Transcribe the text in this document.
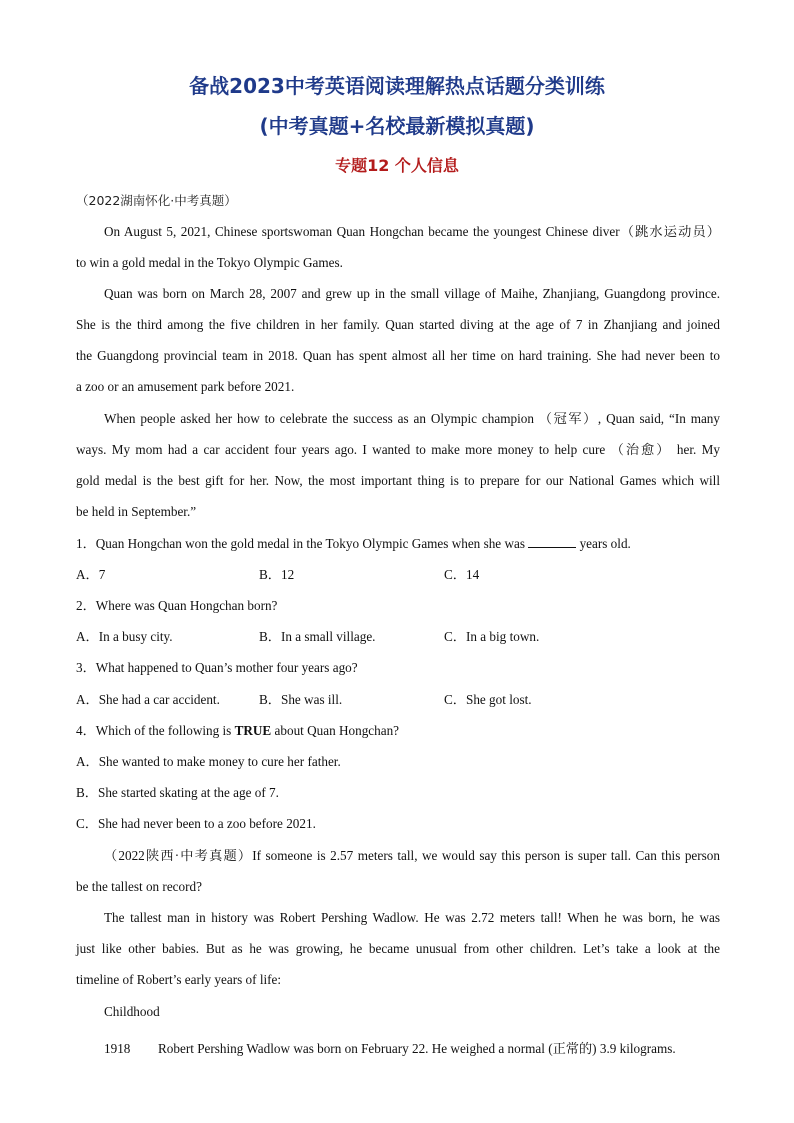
备战2023中考英语阅读理解热点话题分类训练
(中考真题+名校最新模拟真题)
专题12 个人信息
（2022湖南怀化·中考真题）
On August 5, 2021, Chinese sportswoman Quan Hongchan became the youngest Chinese diver（跳水运动员）
to win a gold medal in the Tokyo Olympic Games.
Quan was born on March 28, 2007 and grew up in the small village of Maihe, Zhanjiang, Guangdong province.
She is the third among the five children in her family. Quan started diving at the age of 7 in Zhanjiang and joined
the Guangdong provincial team in 2018. Quan has spent almost all her time on hard training. She had never been to
a zoo or an amusement park before 2021.
When people asked her how to celebrate the success as an Olympic champion （冠军）, Quan said, “In many
ways. My mom had a car accident four years ago. I wanted to make more money to help cure （治愈） her. My
gold medal is the best gift for her. Now, the most important thing is to prepare for our National Games which will
be held in September.”
1．Quan Hongchan won the gold medal in the Tokyo Olympic Games when she was	years old.
A．7	B．12	C．14
2．Where was Quan Hongchan born?
A．In a busy city.	B．In a small village.	C．In a big town.
3．What happened to Quan’s mother four years ago?
A．She had a car accident.	B．She was ill.	C．She got lost.
4．Which of the following is TRUE about Quan Hongchan?
A．She wanted to make money to cure her father.
B．She started skating at the age of 7.
C．She had never been to a zoo before 2021.
（2022陕西·中考真题）If someone is 2.57 meters tall, we would say this person is super tall. Can this person
be the tallest on record?
The tallest man in history was Robert Pershing Wadlow. He was 2.72 meters tall! When he was born, he was
just like other babies. But as he was growing, he became unusual from other children. Let’s take a look at the
timeline of Robert’s early years of life:
Childhood
1918 Robert Pershing Wadlow was born on February 22. He weighed a normal (正常的) 3.9 kilograms.
